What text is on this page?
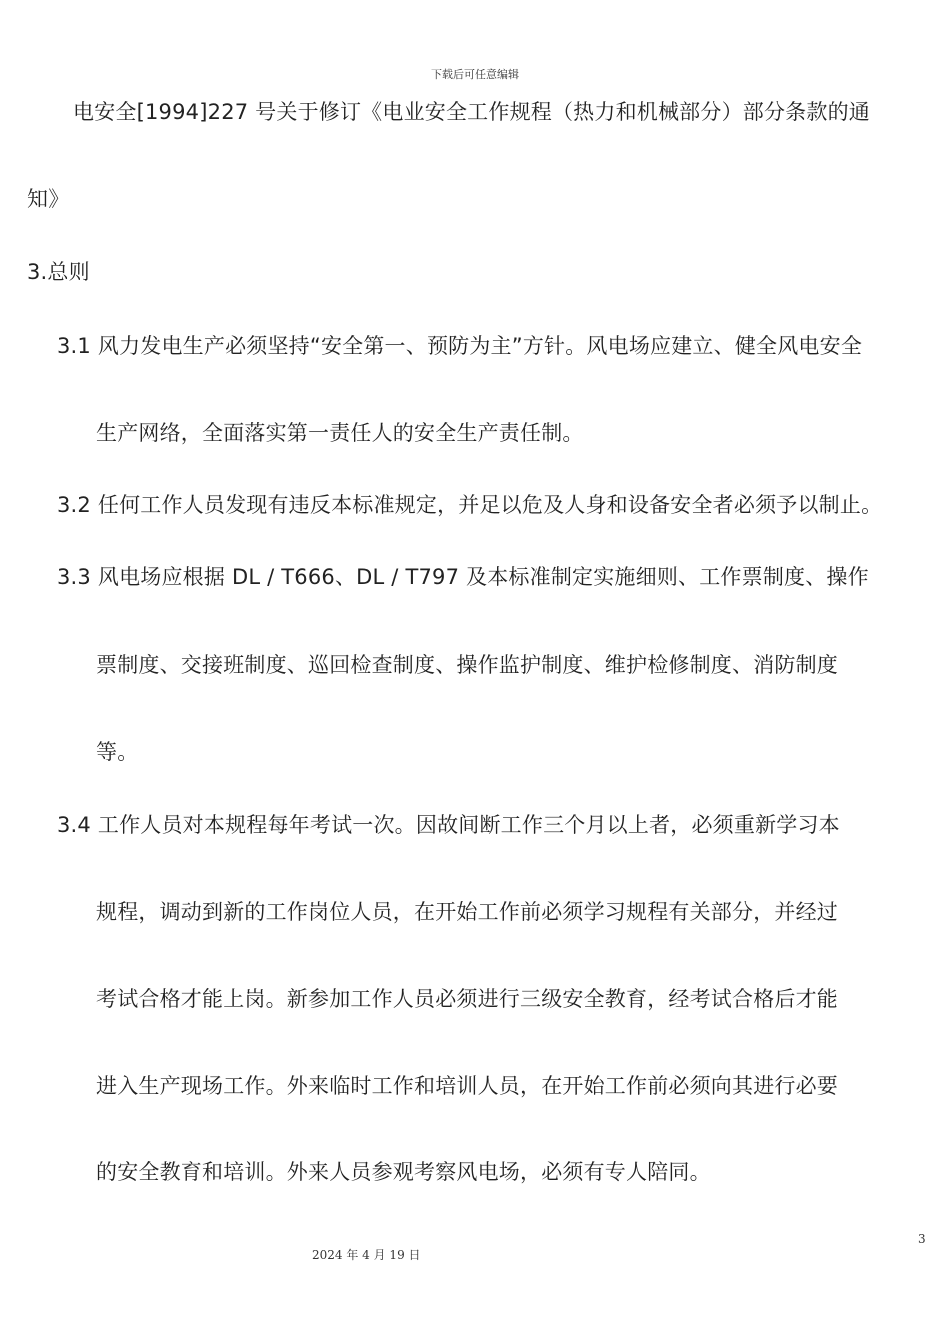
下载后可任意编辑
电安全[1994]227 号关于修订《电业安全工作规程（热力和机械部分）部分条款的通
知》
3.总则
3.1 风力发电生产必须坚持“安全第一、预防为主”方针。风电场应建立、健全风电安全
生产网络，全面落实第一责任人的安全生产责任制。
3.2 任何工作人员发现有违反本标准规定，并足以危及人身和设备安全者必须予以制止。
3.3 风电场应根据 DL / T666、DL / T797 及本标准制定实施细则、工作票制度、操作
票制度、交接班制度、巡回检查制度、操作监护制度、维护检修制度、消防制度
等。
3.4 工作人员对本规程每年考试一次。因故间断工作三个月以上者，必须重新学习本
规程，调动到新的工作岗位人员，在开始工作前必须学习规程有关部分，并经过
考试合格才能上岗。新参加工作人员必须进行三级安全教育，经考试合格后才能
进入生产现场工作。外来临时工作和培训人员，在开始工作前必须向其进行必要
的安全教育和培训。外来人员参观考察风电场，必须有专人陪同。
3
2024 年 4 月 19 日
